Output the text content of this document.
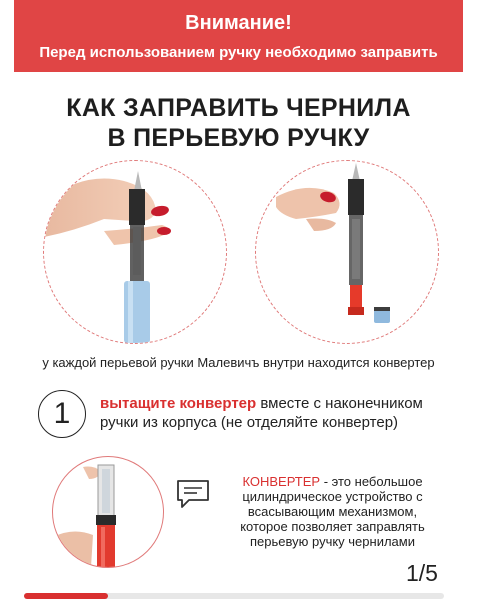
Внимание!
Перед использованием ручку необходимо заправить
КАК ЗАПРАВИТЬ ЧЕРНИЛА
В ПЕРЬЕВУЮ РУЧКУ
у каждой перьевой ручки Малевичъ внутри находится конвертер
1	вытащите конвертер вместе с наконечником ручки из корпуса (не отделяйте конвертер)
КОНВЕРТЕР - это небольшое цилиндрическое устройство с всасывающим механизмом, которое позволяет заправлять перьевую ручку чернилами
1/5
